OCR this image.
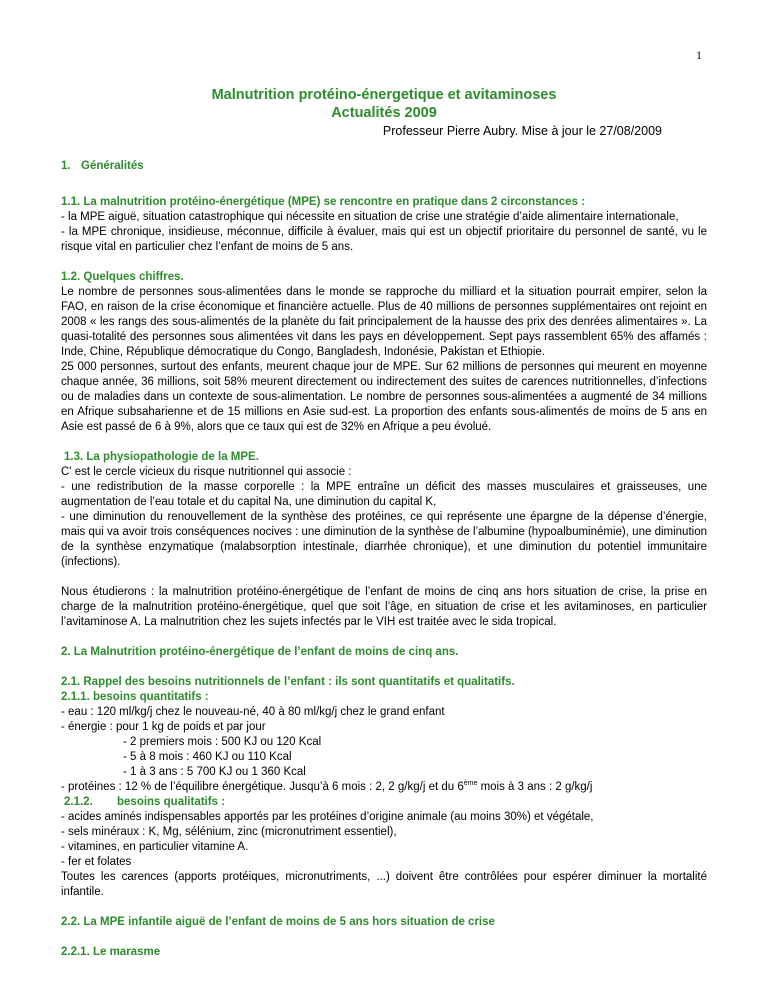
1

Malnutrition protéino-énergetique et avitaminoses

Actualités 2009

Professeur Pierre Aubry. Mise à jour le 27/08/2009

1. Généralités

1.1. La malnutrition protéino-énergétique (MPE) se rencontre en pratique dans 2 circonstances :

- la MPE aiguë, situation catastrophique qui nécessite en situation de crise une stratégie d’aide alimentaire internationale,

- la MPE chronique, insidieuse, méconnue, difficile à évaluer, mais qui est un objectif prioritaire du personnel de santé, vu le risque vital en particulier chez l’enfant de moins de 5 ans.

1.2. Quelques chiffres.

Le nombre de personnes sous-alimentées dans le monde se rapproche du milliard et la situation pourrait empirer, selon la FAO, en raison de la crise économique et financière actuelle. Plus de 40 millions de personnes supplémentaires ont rejoint en 2008 « les rangs des sous-alimentés de la planète du fait principalement de la hausse des prix des denrées alimentaires ». La quasi-totalité des personnes sous alimentées vit dans les pays en développement. Sept pays rassemblent 65% des affamés : Inde, Chine, République démocratique du Congo, Bangladesh, Indonésie, Pakistan et Ethiopie.

25 000 personnes, surtout des enfants, meurent chaque jour de MPE. Sur 62 millions de personnes qui meurent en moyenne chaque année, 36 millions, soit 58% meurent directement ou indirectement des suites de carences nutritionnelles, d’infections ou de maladies dans un contexte de sous-alimentation. Le nombre de personnes sous-alimentées a augmenté de 34 millions en Afrique subsaharienne et de 15 millions en Asie sud-est. La proportion des enfants sous-alimentés de moins de 5 ans en Asie est passé de 6 à 9%, alors que ce taux qui est de 32% en Afrique a peu évolué.

1.3. La physiopathologie de la MPE.

C' est le cercle vicieux du risque nutritionnel qui associe :

- une redistribution de la masse corporelle : la MPE entraîne un déficit des masses musculaires et graisseuses, une augmentation de l’eau totale et du capital Na, une diminution du capital K,

- une diminution du renouvellement de la synthèse des protéines, ce qui représente une épargne de la dépense d’énergie, mais qui va avoir trois conséquences nocives : une diminution de la synthèse de l’albumine (hypoalbuminémie), une diminution de la synthèse enzymatique (malabsorption intestinale, diarrhée chronique), et une diminution du potentiel immunitaire (infections).

Nous étudierons : la malnutrition protéino-énergétique de l’enfant de moins de cinq ans hors situation de crise, la prise en charge de la malnutrition protéino-énergétique, quel que soit l’âge, en situation de crise et les avitaminoses, en particulier l’avitaminose A. La malnutrition chez les sujets infectés par le VIH est traitée avec le sida tropical.

2. La Malnutrition protéino-énergétique de l’enfant de moins de cinq ans.

2.1. Rappel des besoins nutritionnels de l’enfant : ils sont quantitatifs et qualitatifs.

2.1.1. besoins quantitatifs :

- eau : 120 ml/kg/j chez le nouveau-né, 40 à 80 ml/kg/j chez le grand enfant

- énergie : pour 1 kg de poids et par jour

- 2 premiers mois : 500 KJ ou 120 Kcal

- 5 à 8 mois : 460 KJ ou 110 Kcal

- 1 à 3 ans : 5 700 KJ ou 1 360 Kcal

- protéines : 12 % de l’équilibre énergétique. Jusqu’à 6 mois : 2, 2 g/kg/j et du 6ème mois à 3 ans : 2 g/kg/j

2.1.2. besoins qualitatifs :

- acides aminés indispensables apportés par les protéines d’origine animale (au moins 30%) et végétale,

- sels minéraux : K, Mg, sélénium, zinc (micronutriment essentiel),

- vitamines, en particulier vitamine A.

- fer et folates

Toutes les carences (apports protéiques, micronutriments, ...) doivent être contrôlées pour espérer diminuer la mortalité infantile.

2.2. La MPE infantile aiguë de l’enfant de moins de 5 ans hors situation de crise

2.2.1. Le marasme
